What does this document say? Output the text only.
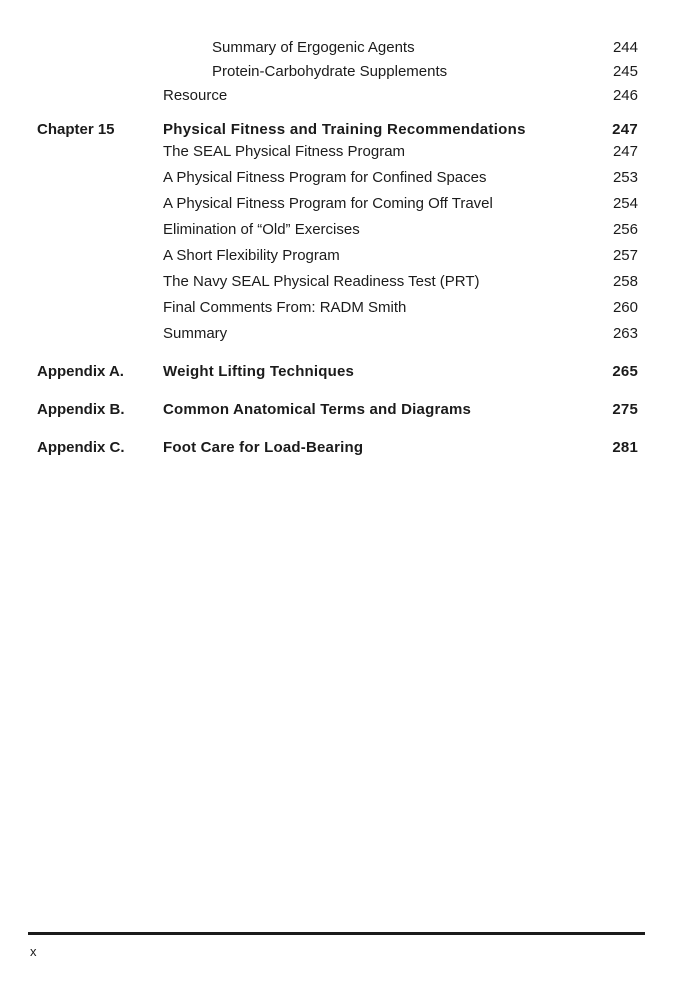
Summary of Ergogenic Agents	244
Protein-Carbohydrate Supplements	245
Resource	246
Chapter 15	Physical Fitness and Training Recommendations	247
The SEAL Physical Fitness Program	247
A Physical Fitness Program for Confined Spaces	253
A Physical Fitness Program for Coming Off Travel	254
Elimination of “Old” Exercises	256
A Short Flexibility Program	257
The Navy SEAL Physical Readiness Test (PRT)	258
Final Comments From: RADM Smith	260
Summary	263
Appendix A.	Weight Lifting Techniques	265
Appendix B.	Common Anatomical Terms and Diagrams	275
Appendix C.	Foot Care for Load-Bearing	281
x
